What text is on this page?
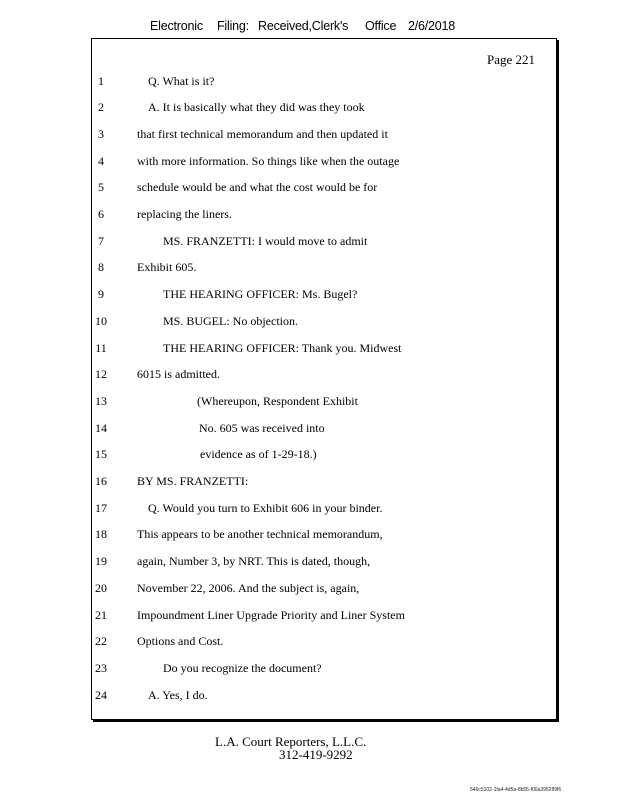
Electronic Filing: Received,Clerk's Office 2/6/2018
Page 221
1	Q. What is it?
2	A. It is basically what they did was they took
3	that first technical memorandum and then updated it
4	with more information. So things like when the outage
5	schedule would be and what the cost would be for
6	replacing the liners.
7	MS. FRANZETTI: I would move to admit
8	Exhibit 605.
9	THE HEARING OFFICER: Ms. Bugel?
10	MS. BUGEL: No objection.
11	THE HEARING OFFICER: Thank you. Midwest
12	6015 is admitted.
13	(Whereupon, Respondent Exhibit
14	No. 605 was received into
15	evidence as of 1-29-18.)
16	BY MS. FRANZETTI:
17	Q. Would you turn to Exhibit 606 in your binder.
18	This appears to be another technical memorandum,
19	again, Number 3, by NRT. This is dated, though,
20	November 22, 2006. And the subject is, again,
21	Impoundment Liner Upgrade Priority and Liner System
22	Options and Cost.
23	Do you recognize the document?
24	A. Yes, I do.
L.A. Court Reporters, L.L.C.
312-419-9292
546c5102-1fa4-4d5a-8b55-f00a395289f6
